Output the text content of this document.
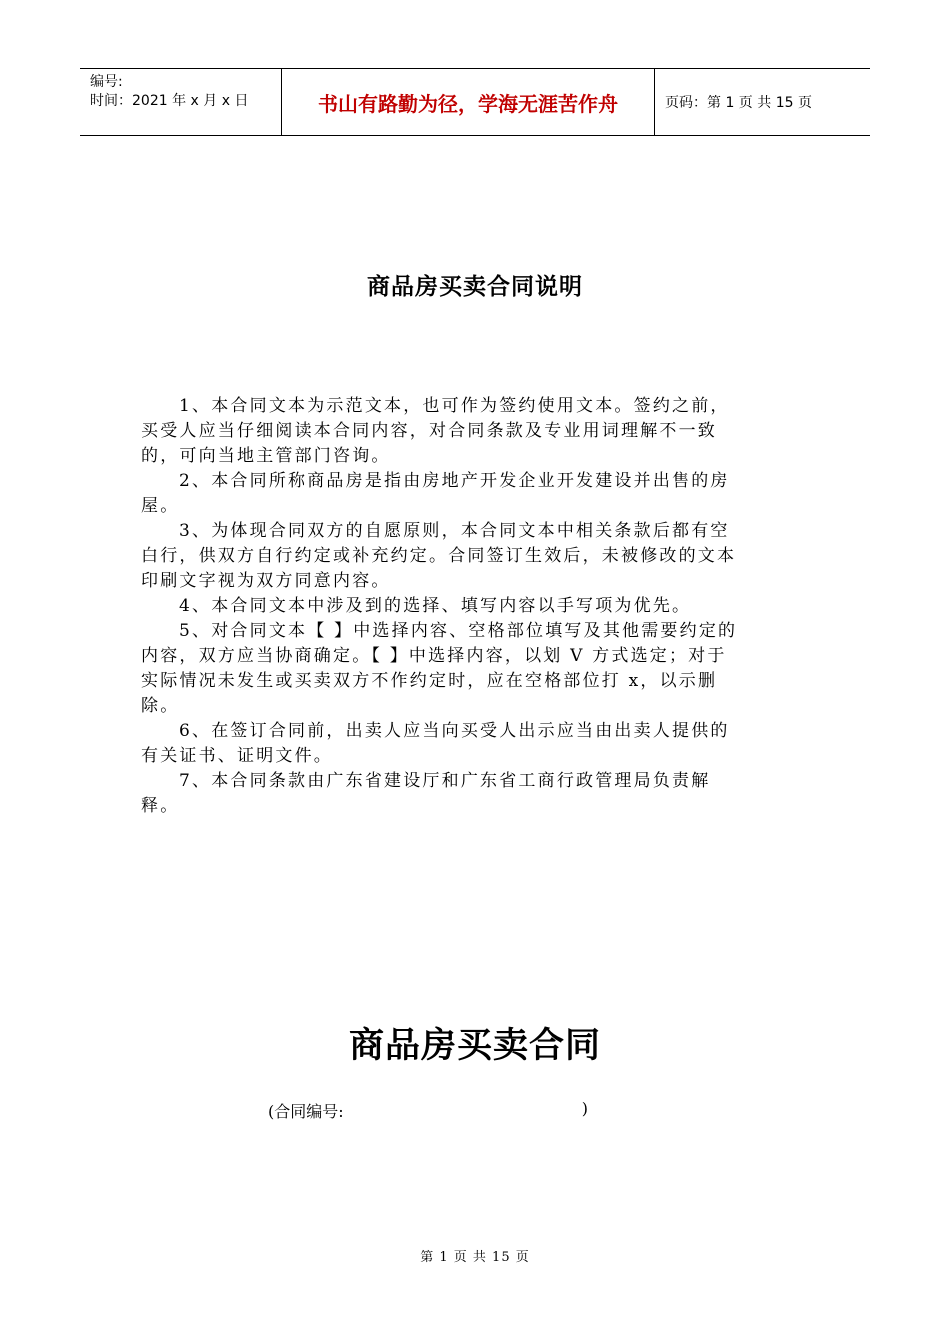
编号:
时间：2021 年 x 月 x 日	书山有路勤为径，学海无涯苦作舟	页码：第 1 页 共 15 页
商品房买卖合同说明

1、本合同文本为示范文本，也可作为签约使用文本。签约之前，买受人应当仔细阅读本合同内容，对合同条款及专业用词理解不一致的，可向当地主管部门咨询。

2、本合同所称商品房是指由房地产开发企业开发建设并出售的房屋。

3、为体现合同双方的自愿原则，本合同文本中相关条款后都有空白行，供双方自行约定或补充约定。合同签订生效后，未被修改的文本印刷文字视为双方同意内容。

4、本合同文本中涉及到的选择、填写内容以手写项为优先。

5、对合同文本【 】中选择内容、空格部位填写及其他需要约定的内容，双方应当协商确定。【 】中选择内容，以划 V 方式选定；对于实际情况未发生或买卖双方不作约定时，应在空格部位打 x，以示删除。

6、在签订合同前，出卖人应当向买受人出示应当由出卖人提供的有关证书、证明文件。

7、本合同条款由广东省建设厅和广东省工商行政管理局负责解释。

商品房买卖合同
(合同编号:	)
第 1 页 共 15 页
